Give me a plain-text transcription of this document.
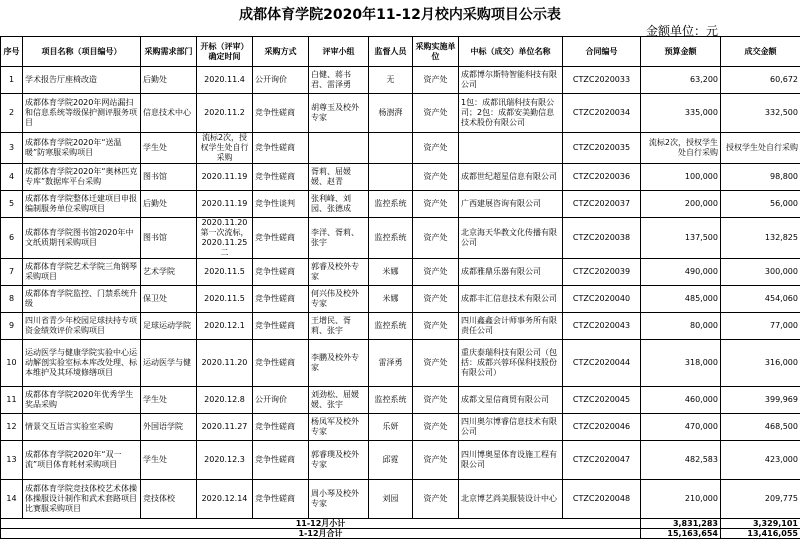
成都体育学院2020年11-12月校内采购项目公示表
金额单位：元
序号	项目名称（项目编号）	采购需求部门	开标（评审）确定时间	采购方式	评审小组	监督人员	采购实施单位	中标（成交）单位名称	合同编号	预算金额	成交金额
1	学术报告厅座椅改造	后勤处	2020.11.4	公开询价	白健、蒋书君、雷泽勇	无	资产处	成都博尔斯特智能科技有限公司	CTZC2020033	63,200	60,672
2	成都体育学院2020年网站漏扫和信息系统等级保护测评服务项目	信息技术中心	2020.11.2	竞争性磋商	胡尊玉及校外专家	杨澍湃	资产处	1包：成都讯瑞科技有限公司；2包：成都安美勤信息技术股份有限公司	CTZC2020034	335,000	332,500
3	成都体育学院2020年“送温暖”防寒服采购项目	学生处	流标2次，授权学生处自行采购	竞争性磋商			资产处		CTZC2020035	流标2次，授权学生处自行采购	授权学生处自行采购
4	成都体育学院2020年“奥林匹克专库”数据库平台采购	图书馆	2020.11.19	竞争性磋商	胥莉、屈媛媛、赵青		资产处	成都世纪超星信息有限公司	CTZC2020036	100,000	98,800
5	成都体育学院整体迁建项目申报编制服务单位采购项目	后勤处	2020.11.19	竞争性谈判	张利峰、刘园、张德成	监控系统	资产处	广西建展咨询有限公司	CTZC2020037	200,000	56,000
6	成都体育学院图书馆2020年中文纸质期刊采购项目	图书馆	2020.11.20第一次流标，2020.11.25二	竞争性磋商	李洋、胥莉、张宇	监控系统	资产处	北京海天华教文化传播有限公司	CTZC2020038	137,500	132,825
7	成都体育学院艺术学院三角钢琴采购项目	艺术学院	2020.11.5	竞争性磋商	郭睿及校外专家	米娜	资产处	成都雅鼎乐器有限公司	CTZC2020039	490,000	300,000
8	成都体育学院监控、门禁系统升级	保卫处	2020.11.5	竞争性磋商	何兴伟及校外专家	米娜	资产处	成都丰汇信息技术有限公司	CTZC2020040	485,000	454,060
9	四川省青少年校园足球扶持专项资金绩效评价采购项目	足球运动学院	2020.12.1	竞争性磋商	王增民、胥莉、张宇	监控系统	资产处	四川鑫鑫会计师事务所有限责任公司	CTZC2020043	80,000	77,000
10	运动医学与健康学院实验中心运动解剖实验室标本库改处理、标本维护及其环境修缮项目	运动医学与健	2020.11.20	竞争性磋商	李鹏及校外专家	雷泽勇	资产处	重庆泰瑞科技有限公司（包括：成都兴蓉环保科技股份有限公司）	CTZC2020044	318,000	316,000
11	成都体育学院2020年优秀学生奖品采购	学生处	2020.12.8	公开询价	刘劲松、屈媛媛、张宇	监控系统	资产处	成都文星信商贸有限公司	CTZC2020045	460,000	399,969
12	情景交互语言实验室采购	外国语学院	2020.11.27	竞争性磋商	杨凤军及校外专家	乐妍	资产处	四川奥尔博睿信息技术有限公司	CTZC2020046	470,000	468,500
13	成都体育学院2020年“双一流”项目体育耗材采购项目	学生处	2020.12.3	竞争性磋商	郭睿璞及校外专家	邱霓	资产处	四川博奥星体育设施工程有限公司	CTZC2020047	482,583	423,000
14	成都体育学院竞技体校艺术体操体操服设计制作和武术套路项目比赛服采购项目	竞技体校	2020.12.14	竞争性磋商	周小琴及校外专家	刘园	资产处	北京博艺尚美服装设计中心	CTZC2020048	210,000	209,775
11-12月小计										3,831,283	3,329,101
1-12月合计										15,163,654	13,416,055
